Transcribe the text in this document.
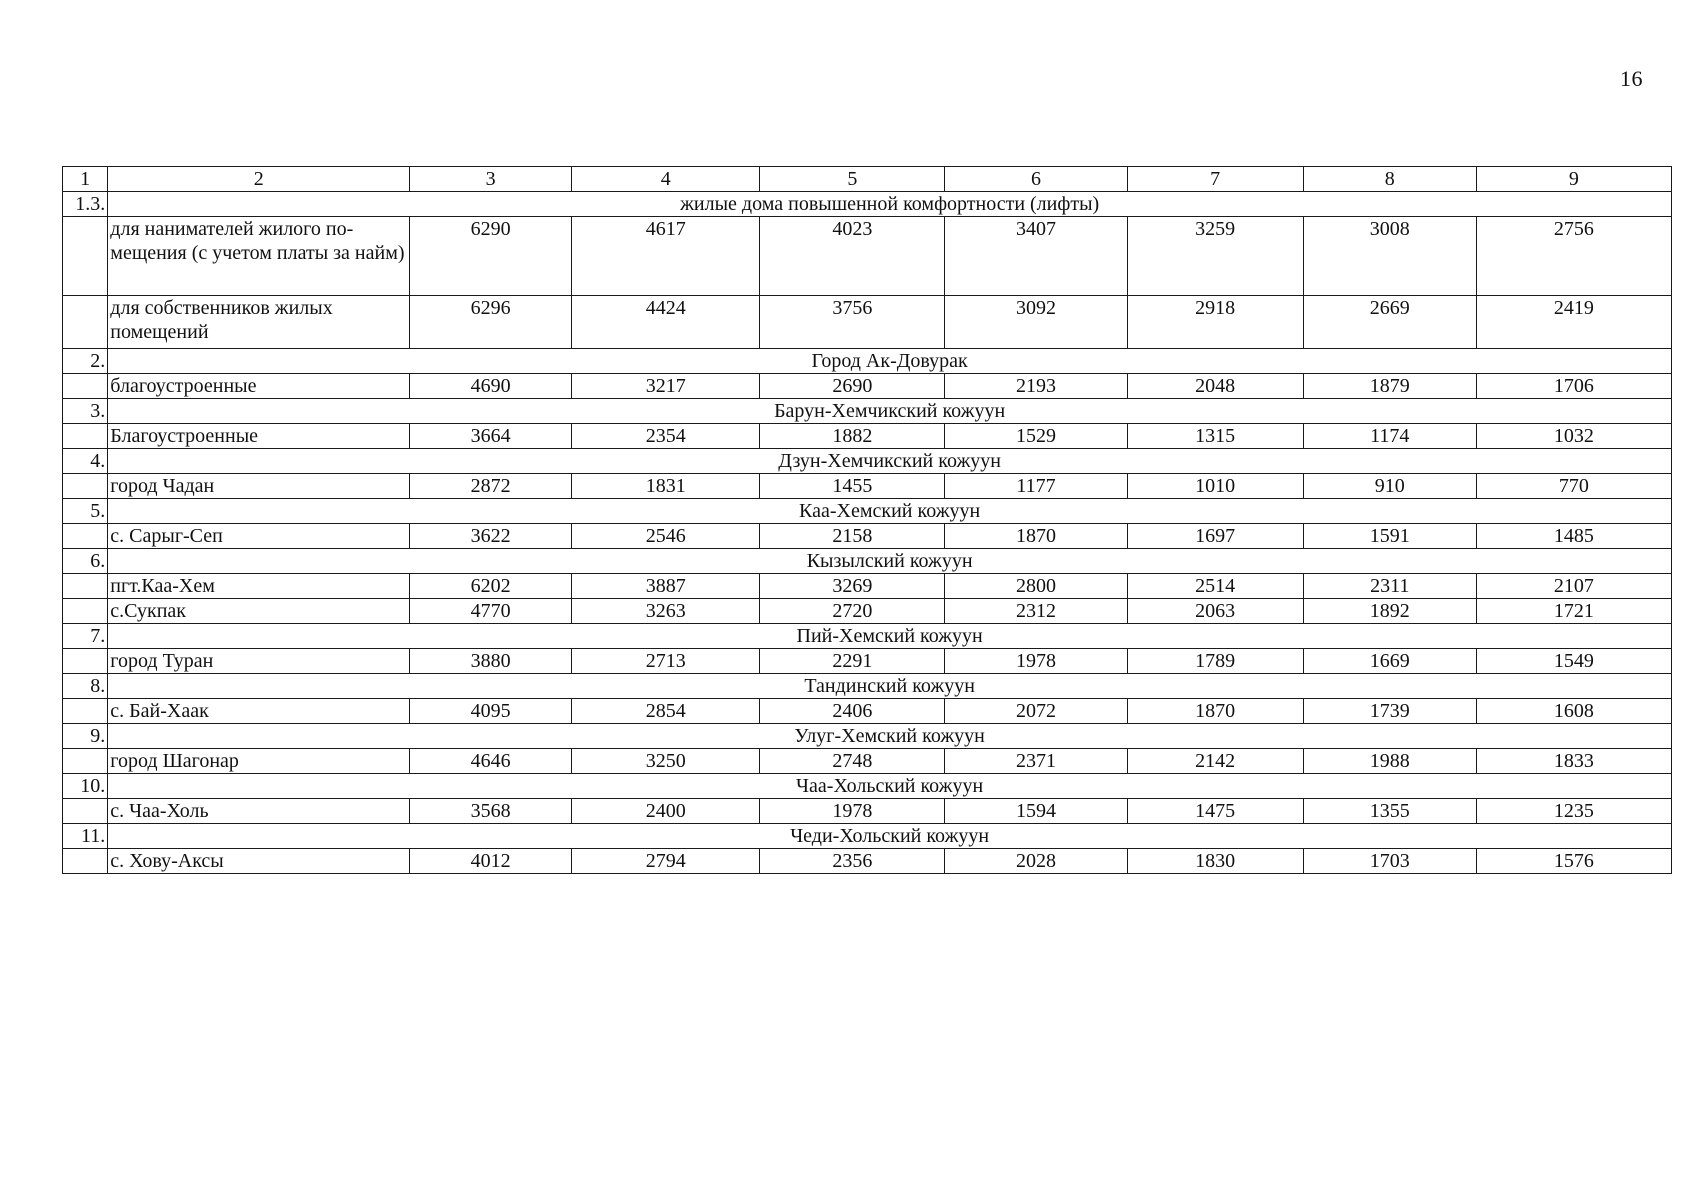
16
1	2	3	4	5	6	7	8	9
1.3.	жилые дома повышенной комфортности (лифты)							
	для нанимателей жилого по-мещения (с учетом платы за найм)	6290	4617	4023	3407	3259	3008	2756
	для собственников жилых помещений	6296	4424	3756	3092	2918	2669	2419
2.	Город Ак-Довурак							
	благоустроенные	4690	3217	2690	2193	2048	1879	1706
3.	Барун-Хемчикский кожуун							
	Благоустроенные	3664	2354	1882	1529	1315	1174	1032
4.	Дзун-Хемчикский кожуун							
	город Чадан	2872	1831	1455	1177	1010	910	770
5.	Каа-Хемский кожуун							
	с. Сарыг-Сеп	3622	2546	2158	1870	1697	1591	1485
6.	Кызылский кожуун							
	пгт.Каа-Хем	6202	3887	3269	2800	2514	2311	2107
	с.Сукпак	4770	3263	2720	2312	2063	1892	1721
7.	Пий-Хемский кожуун							
	город Туран	3880	2713	2291	1978	1789	1669	1549
8.	Тандинский кожуун							
	с. Бай-Хаак	4095	2854	2406	2072	1870	1739	1608
9.	Улуг-Хемский кожуун							
	город Шагонар	4646	3250	2748	2371	2142	1988	1833
10.	Чаа-Хольский кожуун							
	с. Чаа-Холь	3568	2400	1978	1594	1475	1355	1235
11.	Чеди-Хольский кожуун							
	с. Хову-Аксы	4012	2794	2356	2028	1830	1703	1576
